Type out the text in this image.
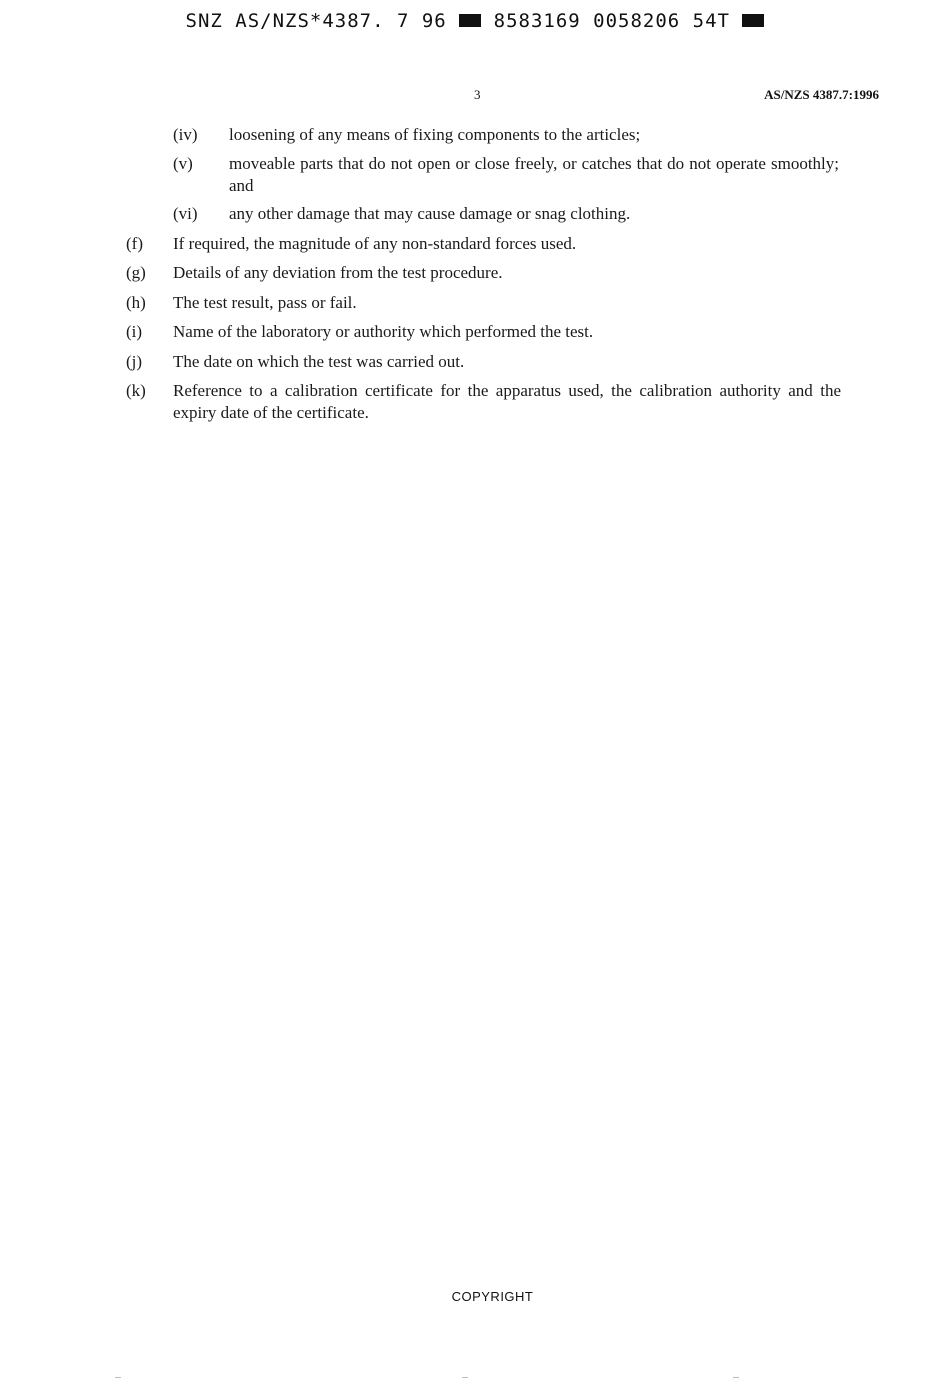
SNZ AS/NZS*4387. 7 96 8583169 0058206 54T
3	AS/NZS 4387.7:1996
(iv) loosening of any means of fixing components to the articles;
(v) moveable parts that do not open or close freely, or catches that do not operate smoothly; and
(vi) any other damage that may cause damage or snag clothing.
(f) If required, the magnitude of any non-standard forces used.
(g) Details of any deviation from the test procedure.
(h) The test result, pass or fail.
(i) Name of the laboratory or authority which performed the test.
(j) The date on which the test was carried out.
(k) Reference to a calibration certificate for the apparatus used, the calibration authority and the expiry date of the certificate.
COPYRIGHT
